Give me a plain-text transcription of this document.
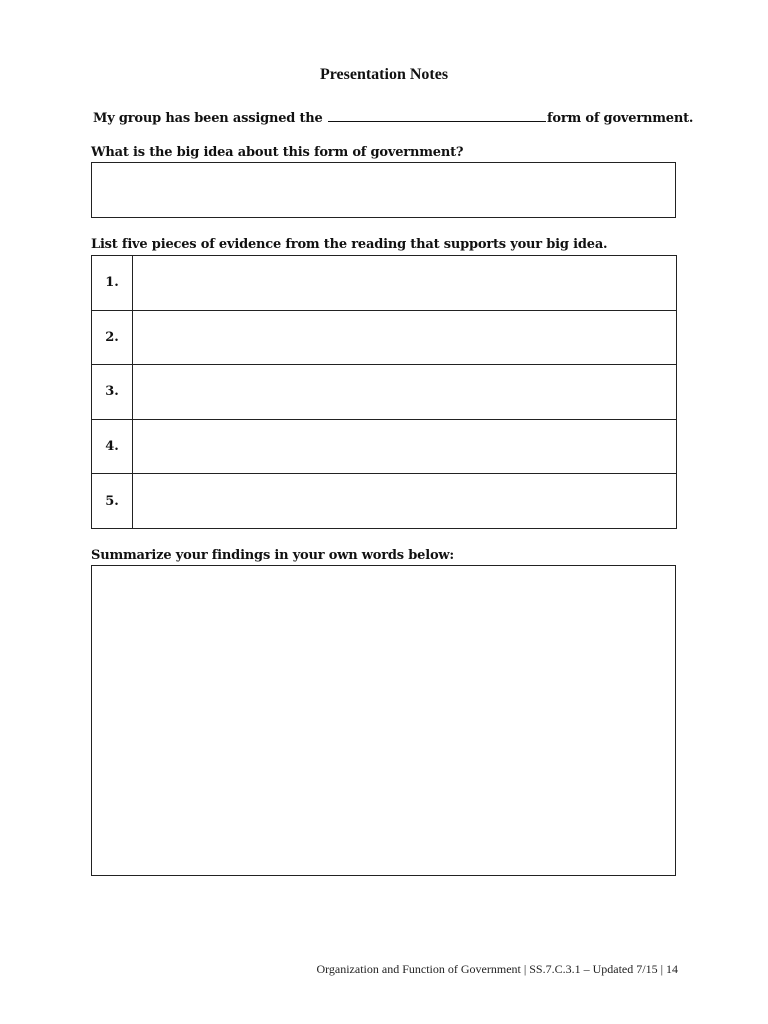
Presentation Notes
My group has been assigned the	form of government.
What is the big idea about this form of government?
List five pieces of evidence from the reading that supports your big idea.
1.	
2.	
3.	
4.	
5.	
Summarize your findings in your own words below:
Organization and Function of Government | SS.7.C.3.1 – Updated 7/15 | 14
